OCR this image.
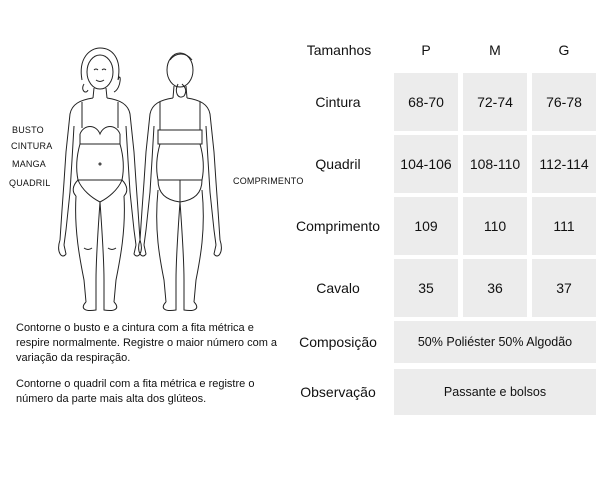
BUSTO
CINTURA
MANGA
QUADRIL	COMPRIMENTO
Contorne o busto e a cintura com a fita métrica e respire normalmente. Registre o maior número com a variação da respiração.
Contorne o quadril com a fita métrica e registre o número da parte mais alta dos glúteos.
Tamanhos	P	M	G
Cintura	68-70	72-74	76-78
Quadril	104-106	108-110	112-114
Comprimento	109	110	111
Cavalo	35	36	37
Composição	50% Poliéster 50% Algodão
Observação	Passante e bolsos
